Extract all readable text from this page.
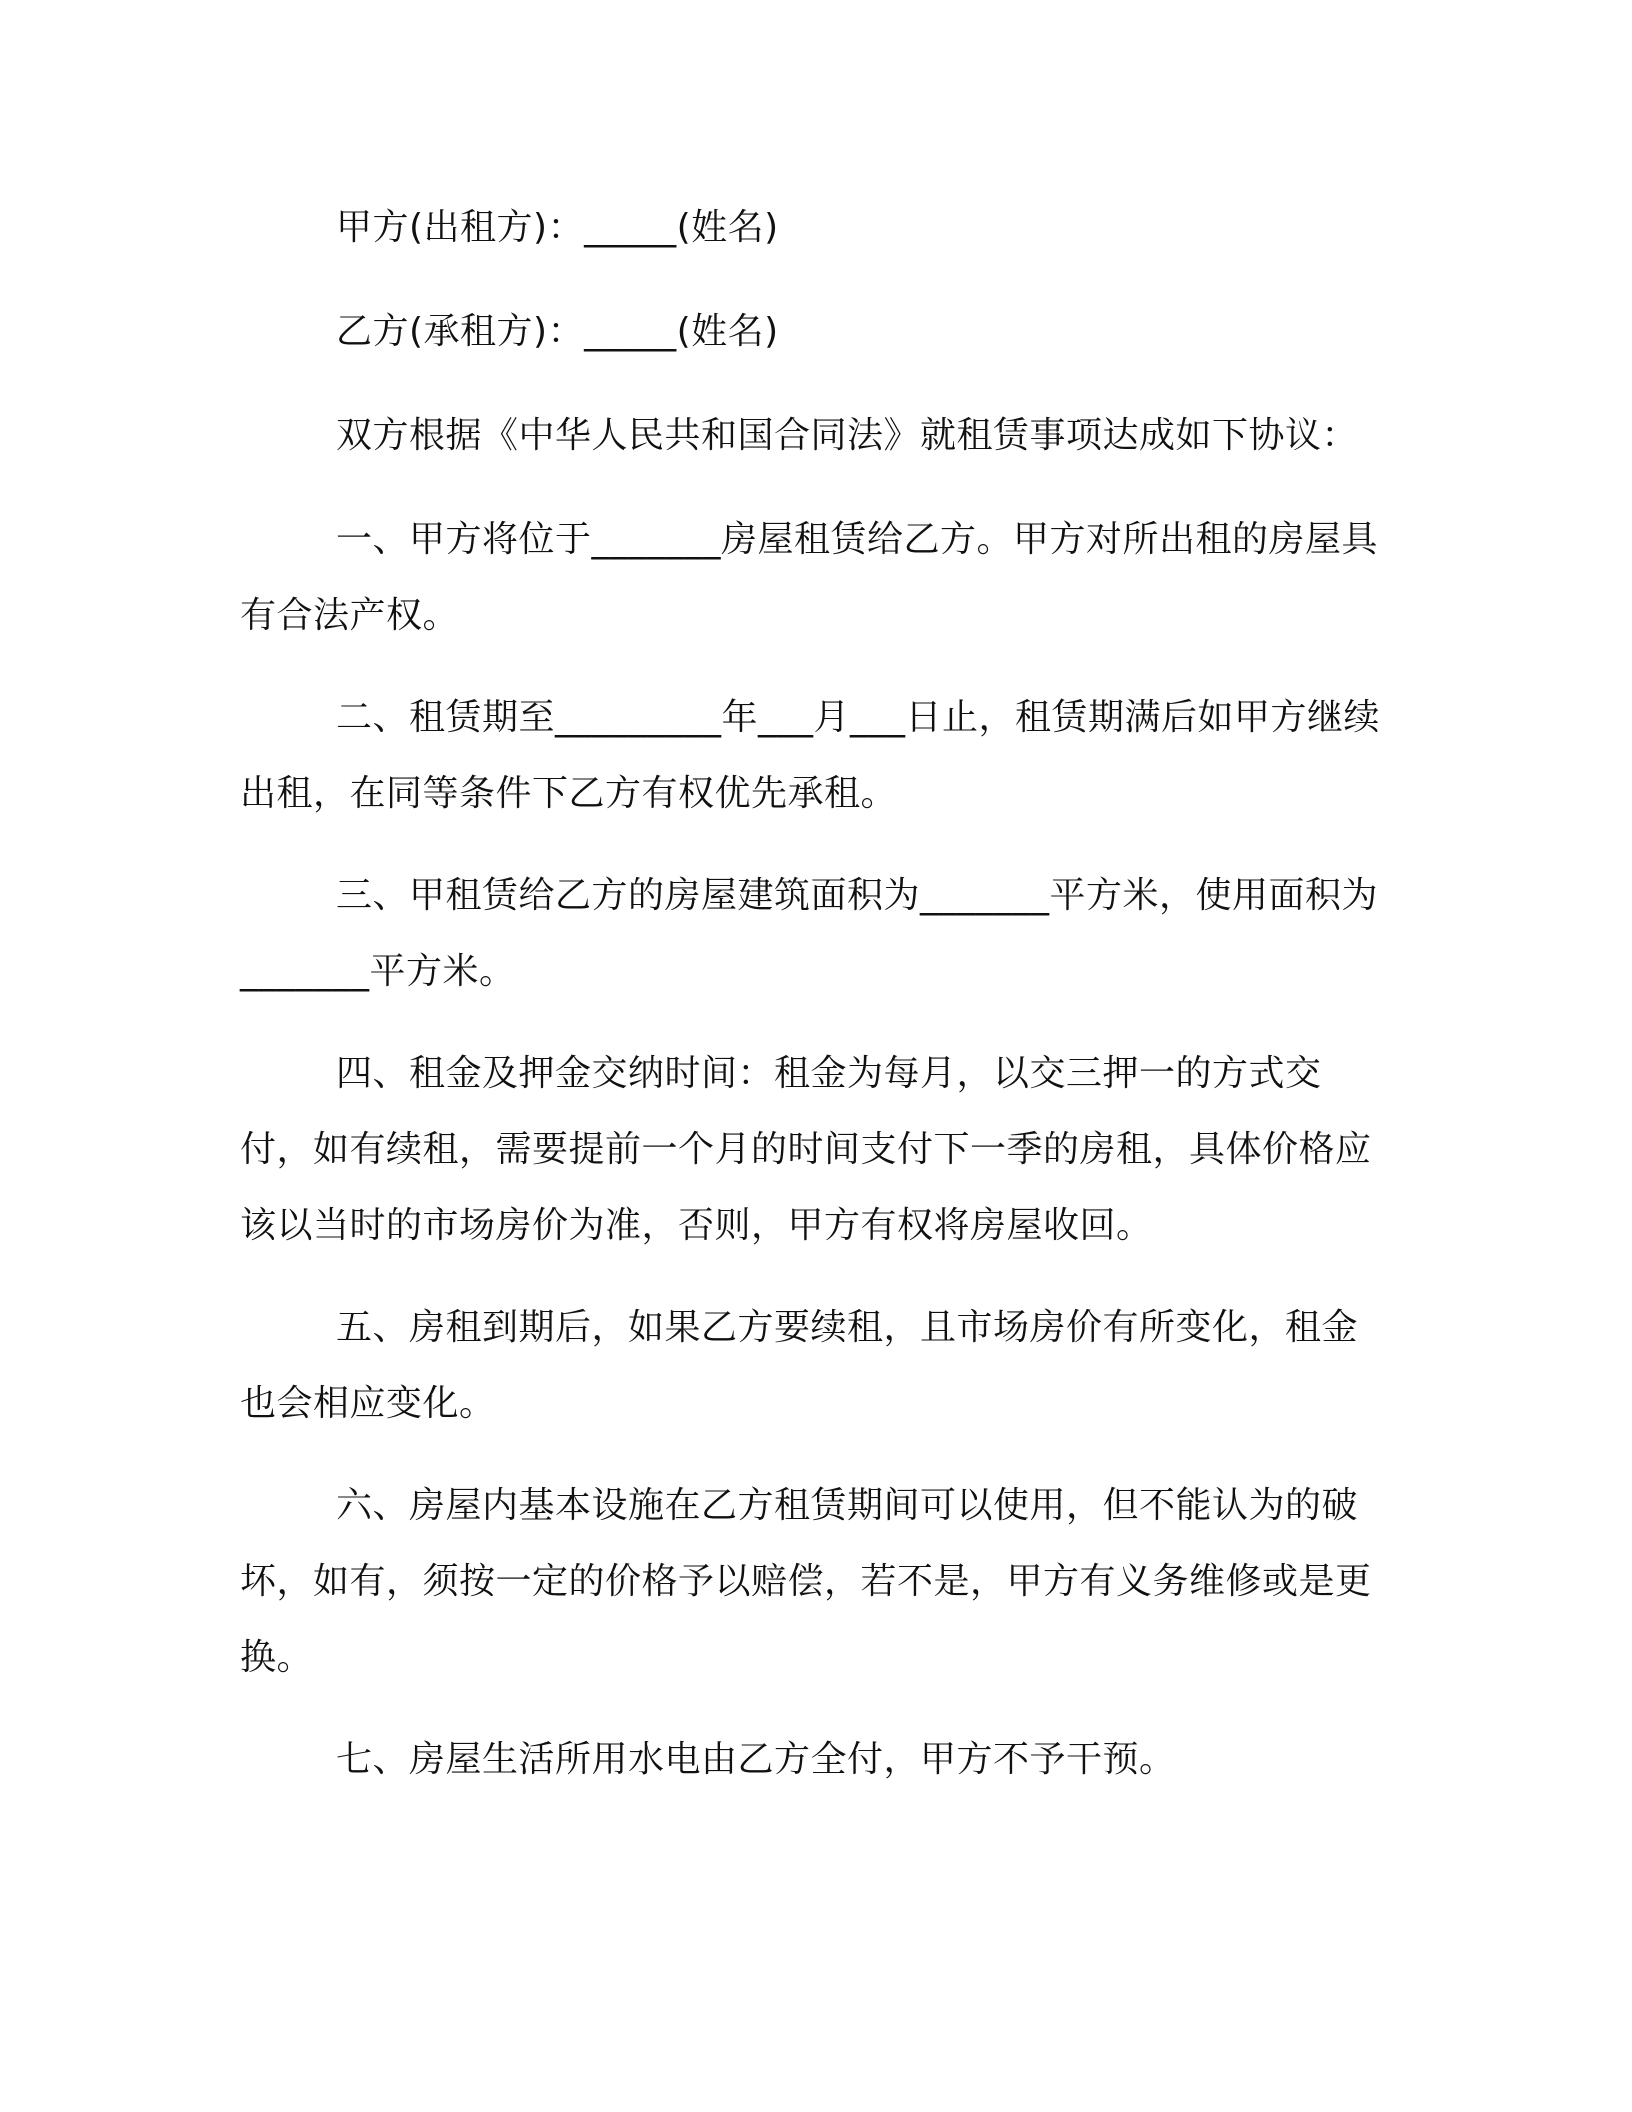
甲方(出租方)：_____(姓名)

乙方(承租方)：_____(姓名)

双方根据《中华人民共和国合同法》就租赁事项达成如下协议：

一、甲方将位于_______房屋租赁给乙方。甲方对所出租的房屋具有合法产权。

二、租赁期至_________年___月___日止，租赁期满后如甲方继续出租，在同等条件下乙方有权优先承租。

三、甲租赁给乙方的房屋建筑面积为_______平方米，使用面积为_______平方米。

四、租金及押金交纳时间：租金为每月，以交三押一的方式交付，如有续租，需要提前一个月的时间支付下一季的房租，具体价格应该以当时的市场房价为准，否则，甲方有权将房屋收回。

五、房租到期后，如果乙方要续租，且市场房价有所变化，租金也会相应变化。

六、房屋内基本设施在乙方租赁期间可以使用，但不能认为的破坏，如有，须按一定的价格予以赔偿，若不是，甲方有义务维修或是更换。

七、房屋生活所用水电由乙方全付，甲方不予干预。
